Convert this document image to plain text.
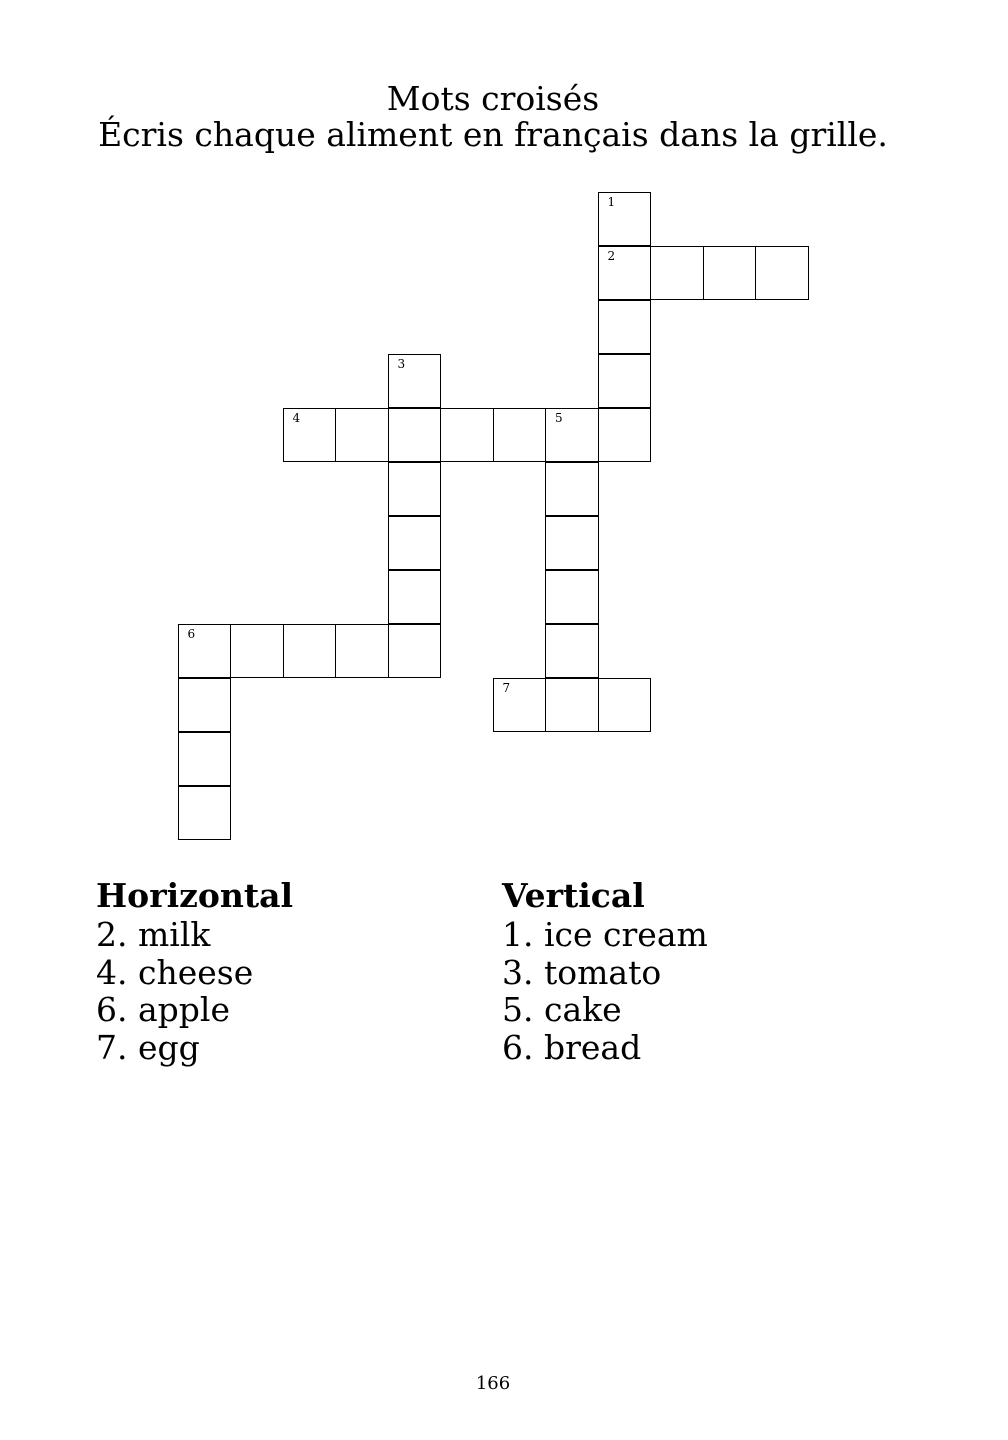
Mots croisés
Écris chaque aliment en français dans la grille.
1
2
3
4	5
6
7
Horizontal
2. milk
4. cheese
6. apple
7. egg
Vertical
1. ice cream
3. tomato
5. cake
6. bread
166
